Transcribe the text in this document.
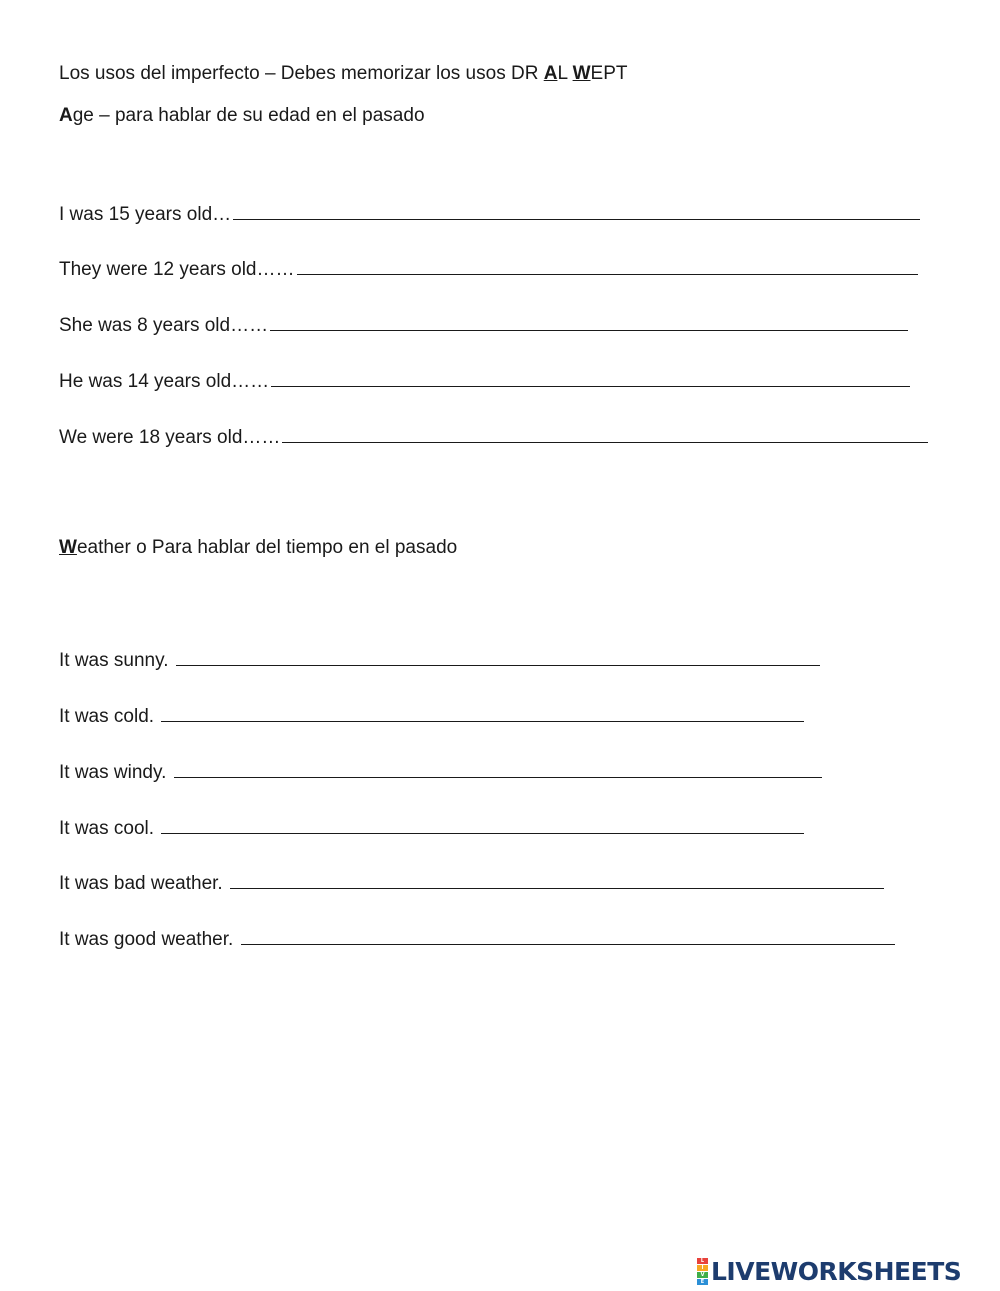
Los usos del imperfecto – Debes memorizar los usos DR AL WEPT
Age – para hablar de su edad en el pasado
I was 15 years old…
They were 12 years old……
She was 8 years old……
He was 14 years old……
We were 18 years old……
Weather o Para hablar del tiempo en el pasado
It was sunny.
It was cold.
It was windy.
It was cool.
It was bad weather.
It was good weather.
L
I
V
E LIVEWORKSHEETS
